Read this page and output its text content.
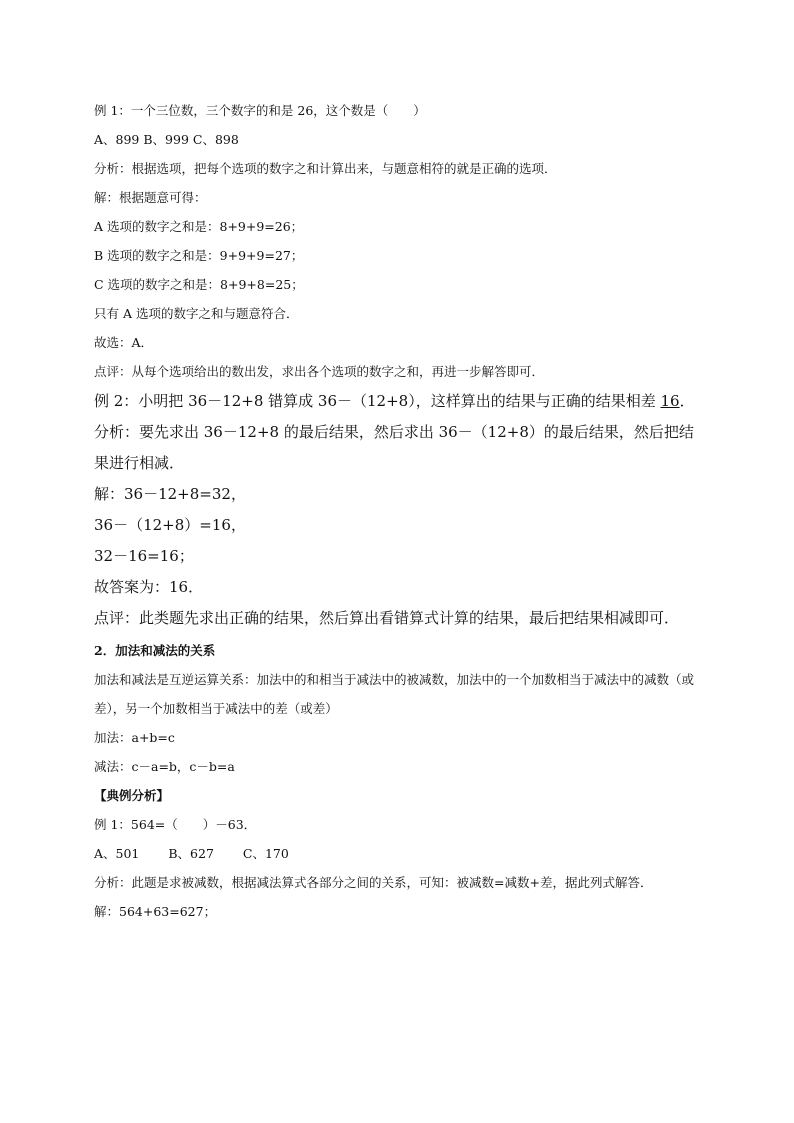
例 1：一个三位数，三个数字的和是 26，这个数是（　　）

A、899 B、999 C、898

分析：根据选项，把每个选项的数字之和计算出来，与题意相符的就是正确的选项．

解：根据题意可得：

A 选项的数字之和是：8+9+9=26；

B 选项的数字之和是：9+9+9=27；

C 选项的数字之和是：8+9+8=25；

只有 A 选项的数字之和与题意符合．

故选：A．

点评：从每个选项给出的数出发，求出各个选项的数字之和，再进一步解答即可．

例 2：小明把 36－12+8 错算成 36－（12+8），这样算出的结果与正确的结果相差 16．

分析：要先求出 36－12+8 的最后结果，然后求出 36－（12+8）的最后结果，然后把结果进行相减．

解：36－12+8=32，

36－（12+8）=16，

32－16=16；

故答案为：16．

点评：此类题先求出正确的结果，然后算出看错算式计算的结果，最后把结果相减即可．

2．加法和减法的关系

加法和减法是互逆运算关系：加法中的和相当于减法中的被减数，加法中的一个加数相当于减法中的减数（或差），另一个加数相当于减法中的差（或差）

加法：a+b=c

减法：c－a=b，c－b=a

【典例分析】

例 1：564=（　　）－63．

A、501　　 B、627　　 C、170

分析：此题是求被减数，根据减法算式各部分之间的关系，可知：被减数=减数+差，据此列式解答．

解：564+63=627；
